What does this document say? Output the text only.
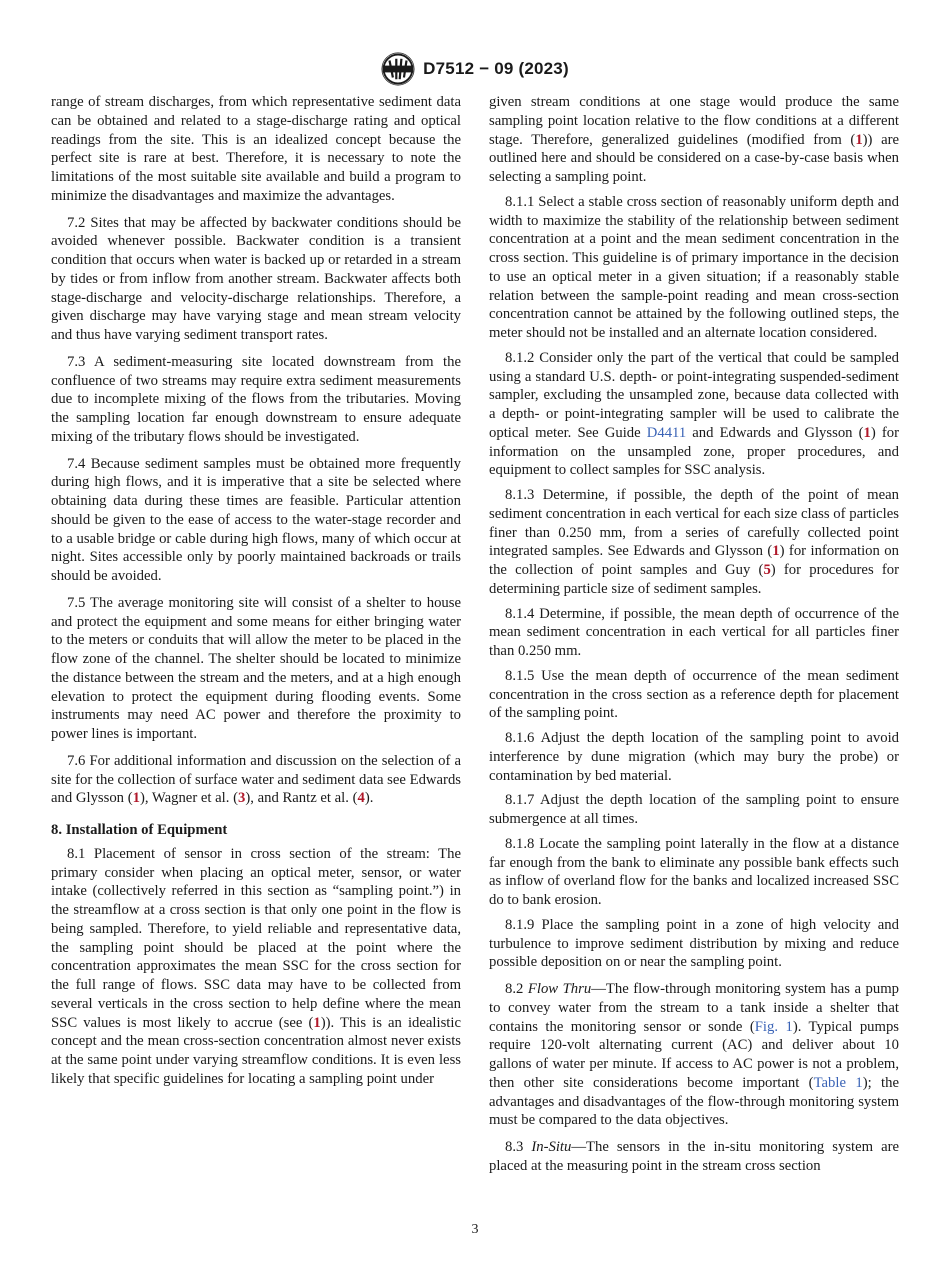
D7512 − 09 (2023)

range of stream discharges, from which representative sediment data can be obtained and related to a stage-discharge rating and optical readings from the site. This is an idealized concept because the perfect site is rare at best. Therefore, it is necessary to note the limitations of the most suitable site available and build a program to minimize the disadvantages and maximize the advantages.

7.2 Sites that may be affected by backwater conditions should be avoided whenever possible. Backwater condition is a transient condition that occurs when water is backed up or retarded in a stream by tides or from inflow from another stream. Backwater affects both stage-discharge and velocity-discharge relationships. Therefore, a given discharge may have varying stage and mean stream velocity and thus have varying sediment transport rates.

7.3 A sediment-measuring site located downstream from the confluence of two streams may require extra sediment measurements due to incomplete mixing of the flows from the tributaries. Moving the sampling location far enough downstream to ensure adequate mixing of the tributary flows should be investigated.

7.4 Because sediment samples must be obtained more frequently during high flows, and it is imperative that a site be selected where obtaining data during these times are feasible. Particular attention should be given to the ease of access to the water-stage recorder and to a usable bridge or cable during high flows, many of which occur at night. Sites accessible only by poorly maintained backroads or trails should be avoided.

7.5 The average monitoring site will consist of a shelter to house and protect the equipment and some means for either bringing water to the meters or conduits that will allow the meter to be placed in the flow zone of the channel. The shelter should be located to minimize the distance between the stream and the meters, and at a high enough elevation to protect the equipment during flooding events. Some instruments may need AC power and therefore the proximity to power lines is important.

7.6 For additional information and discussion on the selection of a site for the collection of surface water and sediment data see Edwards and Glysson (1), Wagner et al. (3), and Rantz et al. (4).

8. Installation of Equipment

8.1 Placement of sensor in cross section of the stream: The primary consider when placing an optical meter, sensor, or water intake (collectively referred in this section as “sampling point.”) in the streamflow at a cross section is that only one point in the flow is being sampled. Therefore, to yield reliable and representative data, the sampling point should be placed at the point where the concentration approximates the mean SSC for the cross section for the full range of flows. SSC data may have to be collected from several verticals in the cross section to help define where the mean SSC values is most likely to accrue (see (1)). This is an idealistic concept and the mean cross-section concentration almost never exists at the same point under varying streamflow conditions. It is even less likely that specific guidelines for locating a sampling point under

given stream conditions at one stage would produce the same sampling point location relative to the flow conditions at a different stage. Therefore, generalized guidelines (modified from (1)) are outlined here and should be considered on a case-by-case basis when selecting a sampling point.

8.1.1 Select a stable cross section of reasonably uniform depth and width to maximize the stability of the relationship between sediment concentration at a point and the mean sediment concentration in the cross section. This guideline is of primary importance in the decision to use an optical meter in a given situation; if a reasonably stable relation between the sample-point reading and mean cross-section concentration cannot be attained by the following outlined steps, the meter should not be installed and an alternate location considered.

8.1.2 Consider only the part of the vertical that could be sampled using a standard U.S. depth- or point-integrating suspended-sediment sampler, excluding the unsampled zone, because data collected with a depth- or point-integrating sampler will be used to calibrate the optical meter. See Guide D4411 and Edwards and Glysson (1) for information on the unsampled zone, proper procedures, and equipment to collect samples for SSC analysis.

8.1.3 Determine, if possible, the depth of the point of mean sediment concentration in each vertical for each size class of particles finer than 0.250 mm, from a series of carefully collected point integrated samples. See Edwards and Glysson (1) for information on the collection of point samples and Guy (5) for procedures for determining particle size of sediment samples.

8.1.4 Determine, if possible, the mean depth of occurrence of the mean sediment concentration in each vertical for all particles finer than 0.250 mm.

8.1.5 Use the mean depth of occurrence of the mean sediment concentration in the cross section as a reference depth for placement of the sampling point.

8.1.6 Adjust the depth location of the sampling point to avoid interference by dune migration (which may bury the probe) or contamination by bed material.

8.1.7 Adjust the depth location of the sampling point to ensure submergence at all times.

8.1.8 Locate the sampling point laterally in the flow at a distance far enough from the bank to eliminate any possible bank effects such as inflow of overland flow for the banks and localized increased SSC do to bank erosion.

8.1.9 Place the sampling point in a zone of high velocity and turbulence to improve sediment distribution by mixing and reduce possible deposition on or near the sampling point.

8.2 Flow Thru—The flow-through monitoring system has a pump to convey water from the stream to a tank inside a shelter that contains the monitoring sensor or sonde (Fig. 1). Typical pumps require 120-volt alternating current (AC) and deliver about 10 gallons of water per minute. If access to AC power is not a problem, then other site considerations become important (Table 1); the advantages and disadvantages of the flow-through monitoring system must be compared to the data objectives.

8.3 In-Situ—The sensors in the in-situ monitoring system are placed at the measuring point in the stream cross section

3
